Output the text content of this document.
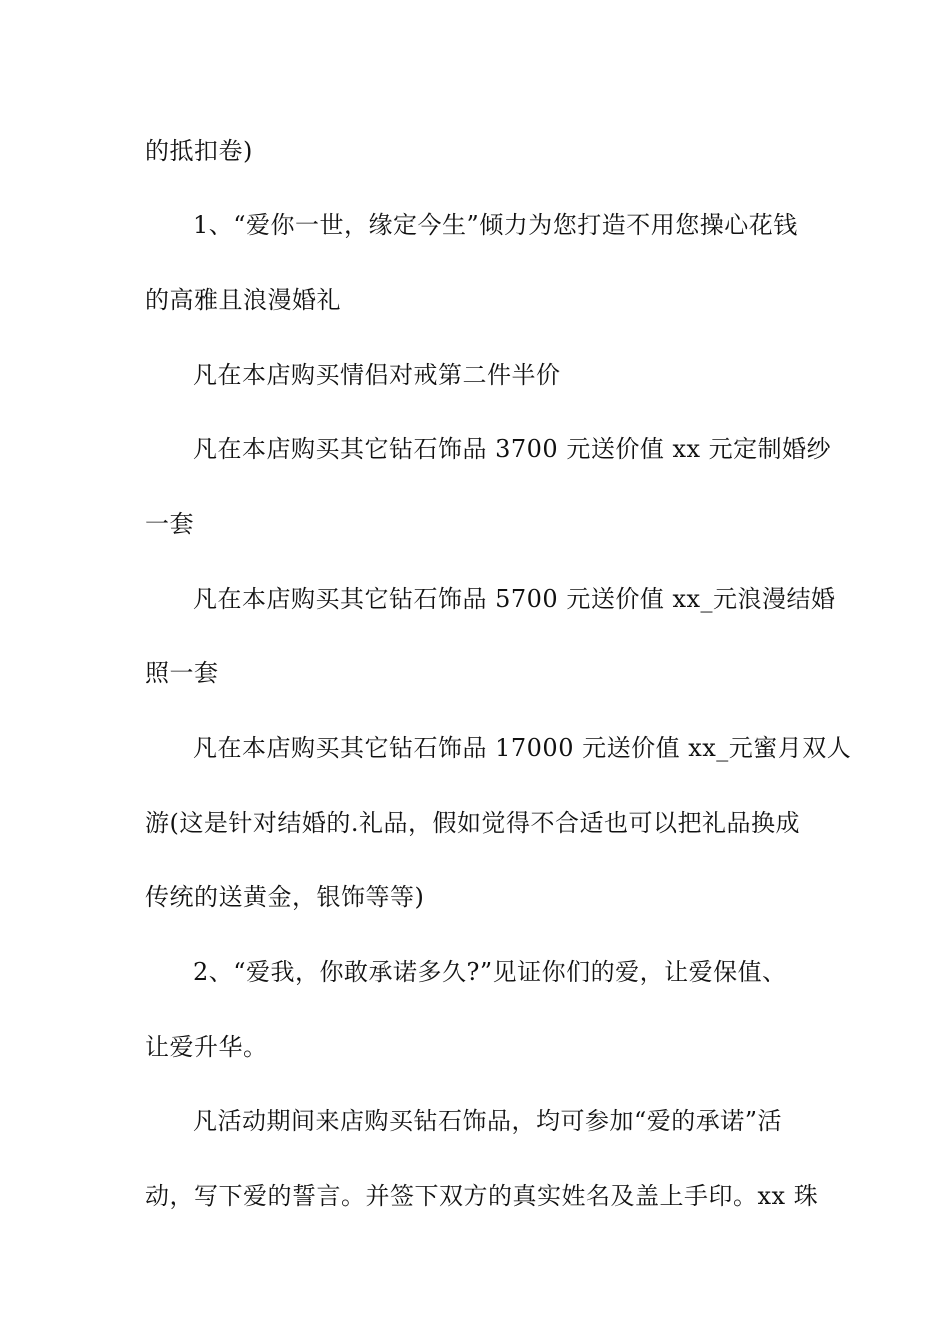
的抵扣卷)
1、“爱你一世，缘定今生”倾力为您打造不用您操心花钱
的高雅且浪漫婚礼
凡在本店购买情侣对戒第二件半价
凡在本店购买其它钻石饰品 3700 元送价值 xx 元定制婚纱
一套
凡在本店购买其它钻石饰品 5700 元送价值 xx_元浪漫结婚
照一套
凡在本店购买其它钻石饰品 17000 元送价值 xx_元蜜月双人
游(这是针对结婚的.礼品，假如觉得不合适也可以把礼品换成
传统的送黄金，银饰等等)
2、“爱我，你敢承诺多久?”见证你们的爱，让爱保值、
让爱升华。
凡活动期间来店购买钻石饰品，均可参加“爱的承诺”活
动，写下爱的誓言。并签下双方的真实姓名及盖上手印。xx 珠
